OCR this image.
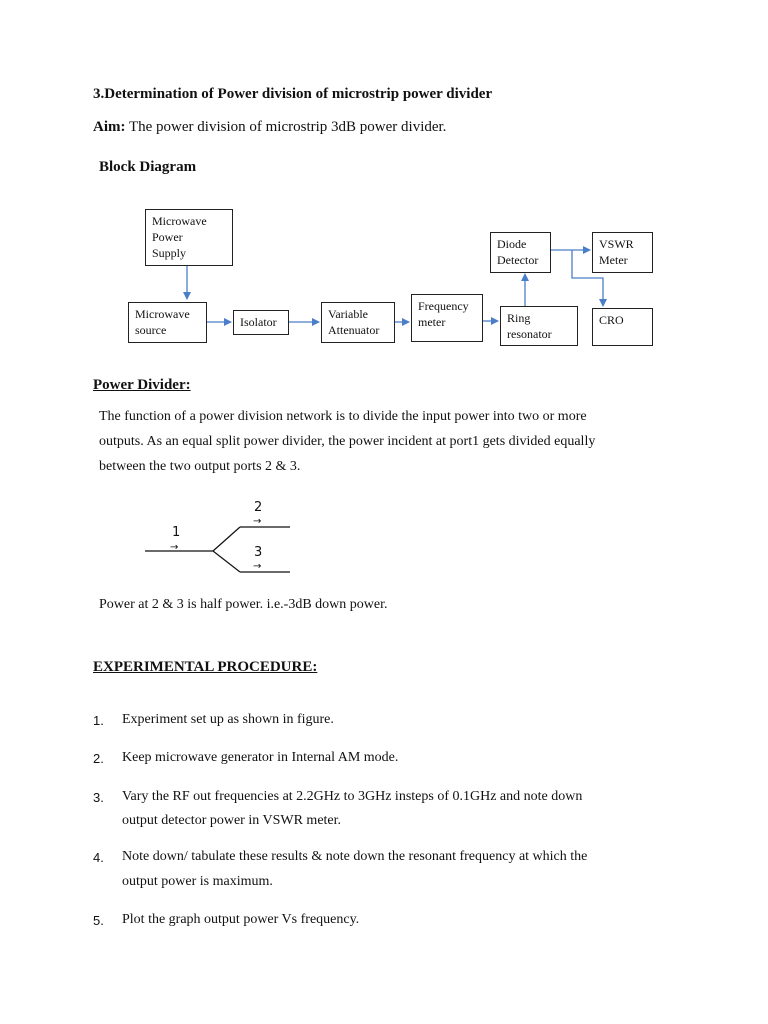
3.Determination of Power division of microstrip power divider
Aim: The power division of microstrip 3dB power divider.
Block Diagram
Microwave
Power
Supply
Microwave
source
Isolator
Variable
Attenuator
Frequency
meter	Ring
resonator
Diode
Detector
VSWR
Meter
CRO
Power Divider:
The function of a power division network is to divide the input power into two or more
outputs. As an equal split power divider, the power incident at port1 gets divided equally
between the two output ports 2 & 3.
1
→
2
→
3
→
Power at 2 & 3 is half power. i.e.-3dB down power.
EXPERIMENTAL PROCEDURE:
1. Experiment set up as shown in figure.
2. Keep microwave generator in Internal AM mode.
3. Vary the RF out frequencies at 2.2GHz to 3GHz insteps of 0.1GHz and note down
output detector power in VSWR meter.
4. Note down/ tabulate these results & note down the resonant frequency at which the
output power is maximum.
5. Plot the graph output power Vs frequency.
